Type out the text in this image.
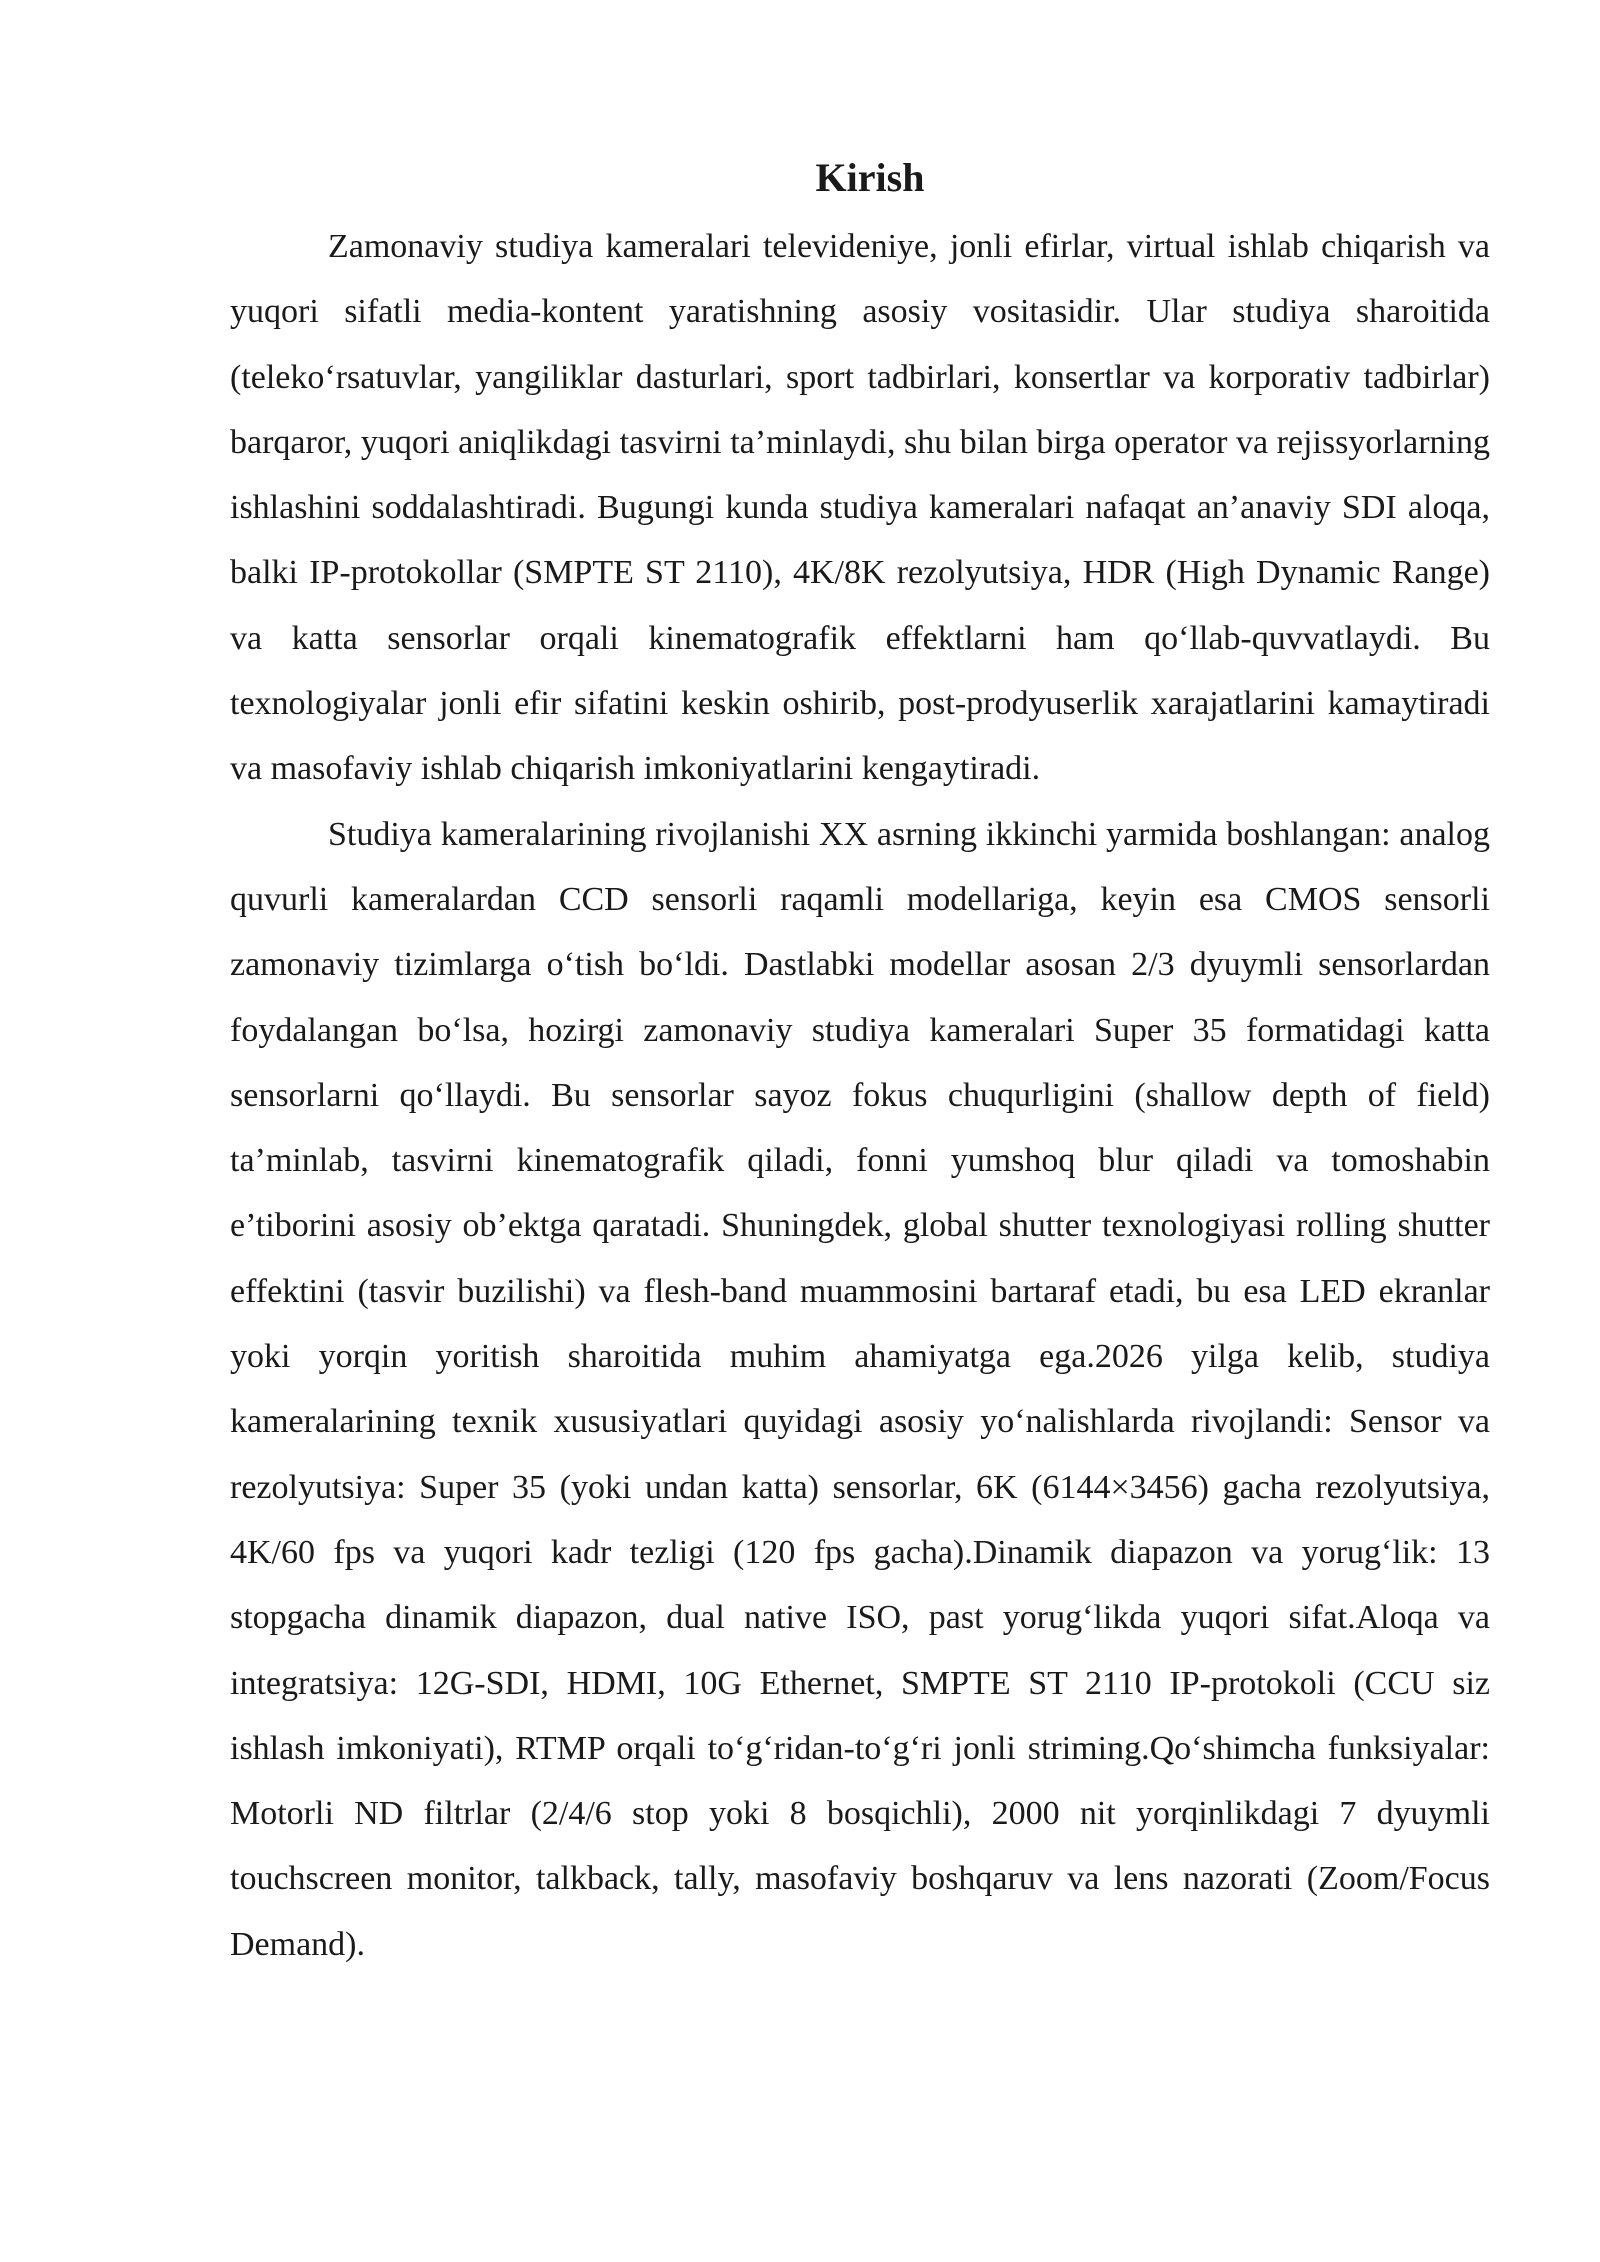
Kirish

Zamonaviy studiya kameralari televideniye, jonli efirlar, virtual ishlab chiqarish va yuqori sifatli media-kontent yaratishning asosiy vositasidir. Ular studiya sharoitida (teleko‘rsatuvlar, yangiliklar dasturlari, sport tadbirlari, konsertlar va korporativ tadbirlar) barqaror, yuqori aniqlikdagi tasvirni ta’minlaydi, shu bilan birga operator va rejissyorlarning ishlashini soddalashtiradi. Bugungi kunda studiya kameralari nafaqat an’anaviy SDI aloqa, balki IP-protokollar (SMPTE ST 2110), 4K/8K rezolyutsiya, HDR (High Dynamic Range) va katta sensorlar orqali kinematografik effektlarni ham qo‘llab-quvvatlaydi. Bu texnologiyalar jonli efir sifatini keskin oshirib, post-prodyuserlik xarajatlarini kamaytiradi va masofaviy ishlab chiqarish imkoniyatlarini kengaytiradi.

Studiya kameralarining rivojlanishi XX asrning ikkinchi yarmida boshlangan: analog quvurli kameralardan CCD sensorli raqamli modellariga, keyin esa CMOS sensorli zamonaviy tizimlarga o‘tish bo‘ldi. Dastlabki modellar asosan 2/3 dyuymli sensorlardan foydalangan bo‘lsa, hozirgi zamonaviy studiya kameralari Super 35 formatidagi katta sensorlarni qo‘llaydi. Bu sensorlar sayoz fokus chuqurligini (shallow depth of field) ta’minlab, tasvirni kinematografik qiladi, fonni yumshoq blur qiladi va tomoshabin e’tiborini asosiy ob’ektga qaratadi. Shuningdek, global shutter texnologiyasi rolling shutter effektini (tasvir buzilishi) va flesh-band muammosini bartaraf etadi, bu esa LED ekranlar yoki yorqin yoritish sharoitida muhim ahamiyatga ega.2026 yilga kelib, studiya kameralarining texnik xususiyatlari quyidagi asosiy yo‘nalishlarda rivojlandi: Sensor va rezolyutsiya: Super 35 (yoki undan katta) sensorlar, 6K (6144×3456) gacha rezolyutsiya, 4K/60 fps va yuqori kadr tezligi (120 fps gacha).Dinamik diapazon va yorug‘lik: 13 stopgacha dinamik diapazon, dual native ISO, past yorug‘likda yuqori sifat.Aloqa va integratsiya: 12G-SDI, HDMI, 10G Ethernet, SMPTE ST 2110 IP-protokoli (CCU siz ishlash imkoniyati), RTMP orqali to‘g‘ridan-to‘g‘ri jonli striming.Qo‘shimcha funksiyalar: Motorli ND filtrlar (2/4/6 stop yoki 8 bosqichli), 2000 nit yorqinlikdagi 7 dyuymli touchscreen monitor, talkback, tally, masofaviy boshqaruv va lens nazorati (Zoom/Focus Demand).
